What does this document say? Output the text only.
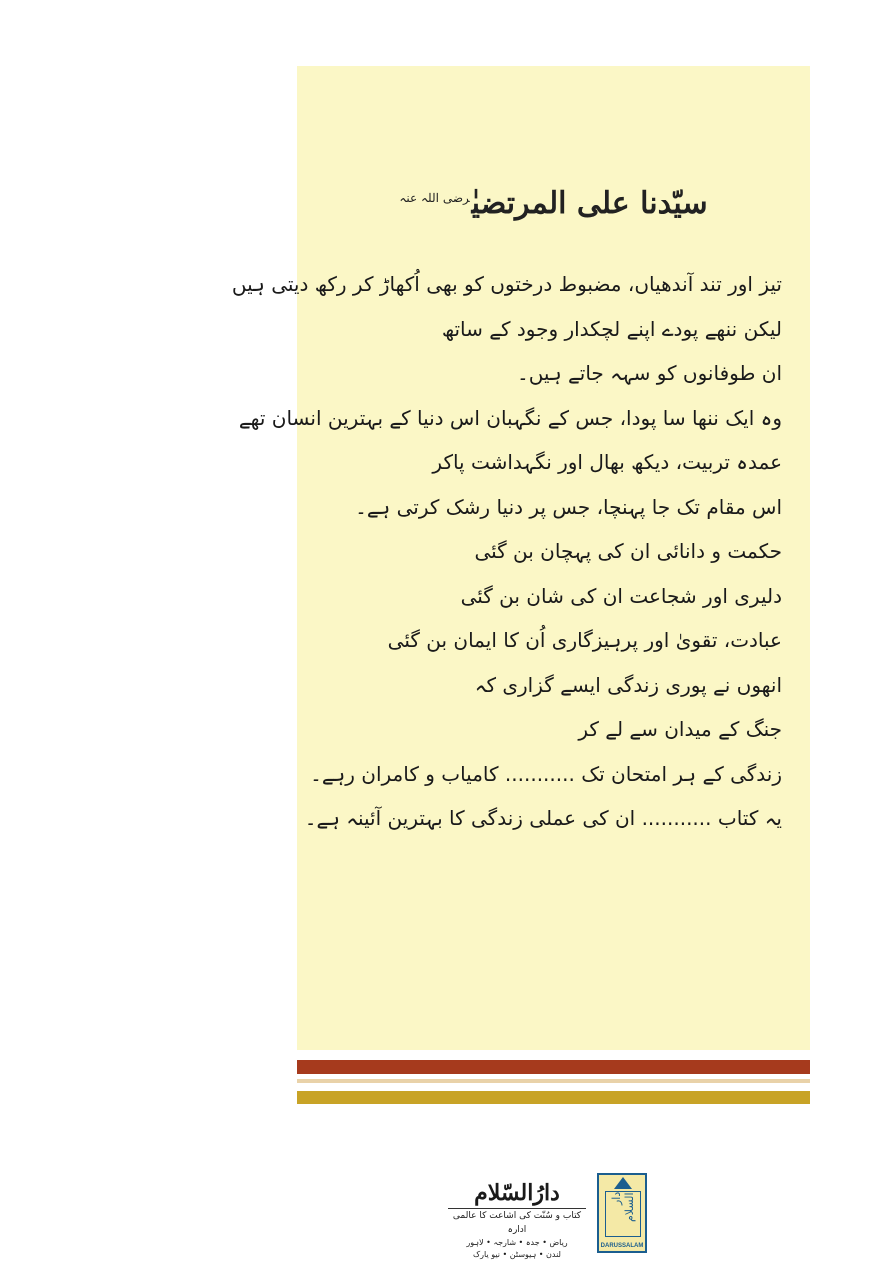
سیّدنا علی المرتضیٰ$^{رضی اللہ عنہ}$
تیز اور تند آندھیاں، مضبوط درختوں کو بھی اُکھاڑ کر رکھ دیتی ہیں
لیکن ننھے پودے اپنے لچکدار وجود کے ساتھ
ان طوفانوں کو سہہ جاتے ہیں۔
وہ ایک ننھا سا پودا، جس کے نگہبان اس دنیا کے بہترین انسان تھے
عمدہ تربیت، دیکھ بھال اور نگہداشت پاکر
اس مقام تک جا پہنچا، جس پر دنیا رشک کرتی ہے۔
حکمت و دانائی ان کی پہچان بن گئی
دلیری اور شجاعت ان کی شان بن گئی
عبادت، تقویٰ اور پرہیزگاری اُن کا ایمان بن گئی
انھوں نے پوری زندگی ایسے گزاری کہ
جنگ کے میدان سے لے کر
زندگی کے ہر امتحان تک ........... کامیاب و کامران رہے۔
یہ کتاب ........... ان کی عملی زندگی کا بہترین آئینہ ہے۔
دارُالسّلام
کتاب و سُنّت کی اشاعت کا عالمی ادارہ
ریاض • جدہ • شارجہ • لاہور
لندن • ہیوسٹن • نیو یارک
دار السلام
DARUSSALAM
